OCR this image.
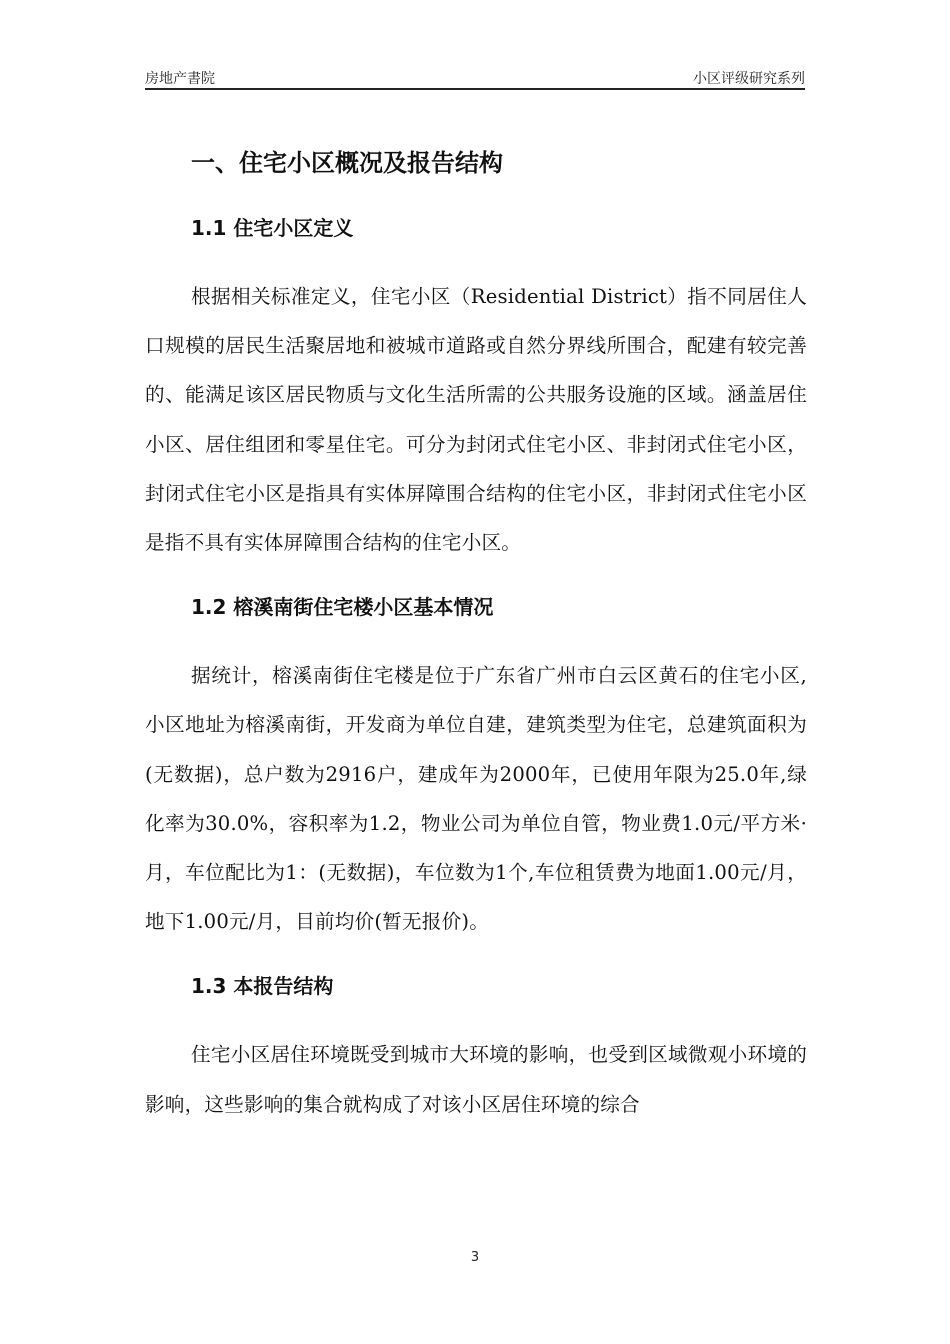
房地产書院	小区评级研究系列
一、住宅小区概况及报告结构
1.1 住宅小区定义

根据相关标准定义，住宅小区（Residential District）指不同居住人口规模的居民生活聚居地和被城市道路或自然分界线所围合，配建有较完善的、能满足该区居民物质与文化生活所需的公共服务设施的区域。涵盖居住小区、居住组团和零星住宅。可分为封闭式住宅小区、非封闭式住宅小区，封闭式住宅小区是指具有实体屏障围合结构的住宅小区，非封闭式住宅小区是指不具有实体屏障围合结构的住宅小区。

1.2 榕溪南街住宅楼小区基本情况

据统计，榕溪南街住宅楼是位于广东省广州市白云区黄石的住宅小区,小区地址为榕溪南街，开发商为单位自建，建筑类型为住宅，总建筑面积为(无数据)，总户数为2916户，建成年为2000年，已使用年限为25.0年,绿化率为30.0%，容积率为1.2，物业公司为单位自管，物业费1.0元/平方米·月，车位配比为1：(无数据)，车位数为1个,车位租赁费为地面1.00元/月，地下1.00元/月，目前均价(暂无报价)。

1.3 本报告结构

住宅小区居住环境既受到城市大环境的影响，也受到区域微观小环境的影响，这些影响的集合就构成了对该小区居住环境的综合

3
